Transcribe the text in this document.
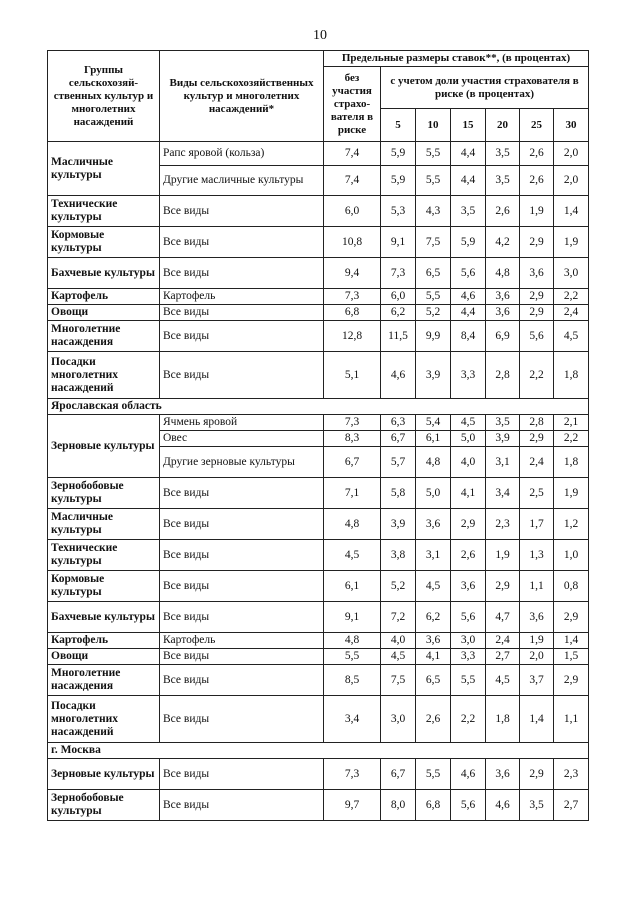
10
Группы сельскохозяй-ственных культур и многолетних насаждений	Виды сельскохозяйственных культур и многолетних насаждений*	Предельные размеры ставок**, (в процентах)						
		без участия страхо-вателя в риске	с учетом доли участия страхователя в риске (в процентах)					
			5	10	15	20	25	30
Масличные культуры	Рапс яровой (кольза)	7,4	5,9	5,5	4,4	3,5	2,6	2,0
	Другие масличные культуры	7,4	5,9	5,5	4,4	3,5	2,6	2,0
Технические культуры	Все виды	6,0	5,3	4,3	3,5	2,6	1,9	1,4
Кормовые культуры	Все виды	10,8	9,1	7,5	5,9	4,2	2,9	1,9
Бахчевые культуры	Все виды	9,4	7,3	6,5	5,6	4,8	3,6	3,0
Картофель	Картофель	7,3	6,0	5,5	4,6	3,6	2,9	2,2
Овощи	Все виды	6,8	6,2	5,2	4,4	3,6	2,9	2,4
Многолетние насаждения	Все виды	12,8	11,5	9,9	8,4	6,9	5,6	4,5
Посадки многолетних насаждений	Все виды	5,1	4,6	3,9	3,3	2,8	2,2	1,8
Ярославская область								
Зерновые культуры	Ячмень яровой	7,3	6,3	5,4	4,5	3,5	2,8	2,1
	Овес	8,3	6,7	6,1	5,0	3,9	2,9	2,2
	Другие зерновые культуры	6,7	5,7	4,8	4,0	3,1	2,4	1,8
Зернобобовые культуры	Все виды	7,1	5,8	5,0	4,1	3,4	2,5	1,9
Масличные культуры	Все виды	4,8	3,9	3,6	2,9	2,3	1,7	1,2
Технические культуры	Все виды	4,5	3,8	3,1	2,6	1,9	1,3	1,0
Кормовые культуры	Все виды	6,1	5,2	4,5	3,6	2,9	1,1	0,8
Бахчевые культуры	Все виды	9,1	7,2	6,2	5,6	4,7	3,6	2,9
Картофель	Картофель	4,8	4,0	3,6	3,0	2,4	1,9	1,4
Овощи	Все виды	5,5	4,5	4,1	3,3	2,7	2,0	1,5
Многолетние насаждения	Все виды	8,5	7,5	6,5	5,5	4,5	3,7	2,9
Посадки многолетних насаждений	Все виды	3,4	3,0	2,6	2,2	1,8	1,4	1,1
г. Москва								
Зерновые культуры	Все виды	7,3	6,7	5,5	4,6	3,6	2,9	2,3
Зернобобовые культуры	Все виды	9,7	8,0	6,8	5,6	4,6	3,5	2,7
